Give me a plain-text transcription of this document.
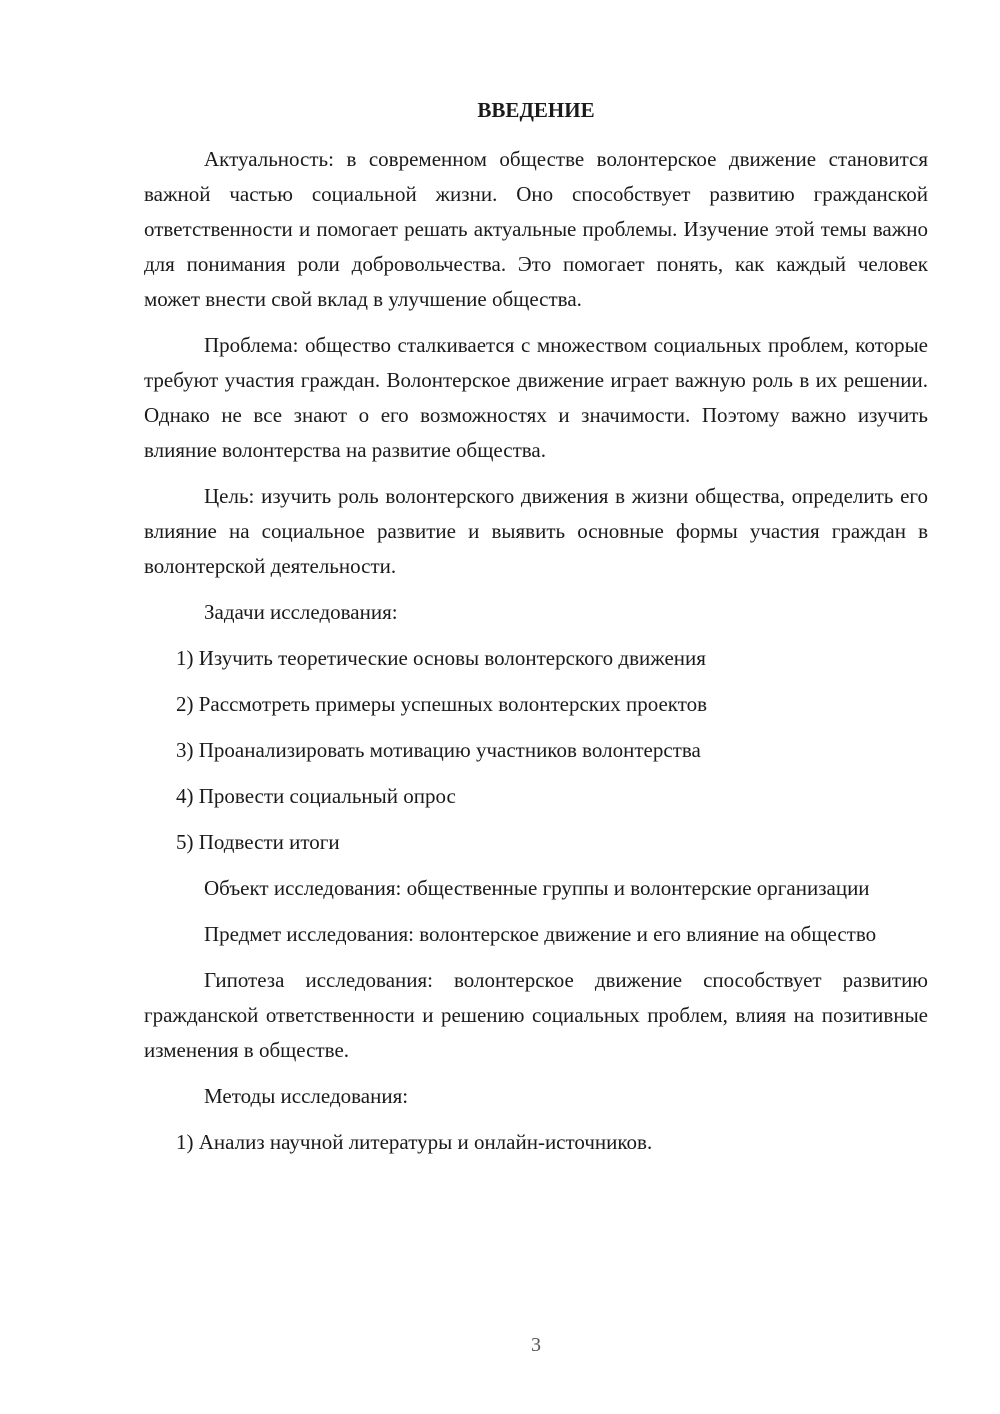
ВВЕДЕНИЕ

Актуальность: в современном обществе волонтерское движение становится важной частью социальной жизни. Оно способствует развитию гражданской ответственности и помогает решать актуальные проблемы. Изучение этой темы важно для понимания роли добровольчества. Это помогает понять, как каждый человек может внести свой вклад в улучшение общества.

Проблема: общество сталкивается с множеством социальных проблем, которые требуют участия граждан. Волонтерское движение играет важную роль в их решении. Однако не все знают о его возможностях и значимости. Поэтому важно изучить влияние волонтерства на развитие общества.

Цель: изучить роль волонтерского движения в жизни общества, определить его влияние на социальное развитие и выявить основные формы участия граждан в волонтерской деятельности.

Задачи исследования:

1) Изучить теоретические основы волонтерского движения

2) Рассмотреть примеры успешных волонтерских проектов

3) Проанализировать мотивацию участников волонтерства

4) Провести социальный опрос

5) Подвести итоги

Объект исследования: общественные группы и волонтерские организации

Предмет исследования: волонтерское движение и его влияние на общество

Гипотеза исследования: волонтерское движение способствует развитию гражданской ответственности и решению социальных проблем, влияя на позитивные изменения в обществе.

Методы исследования:

1) Анализ научной литературы и онлайн-источников.

3
